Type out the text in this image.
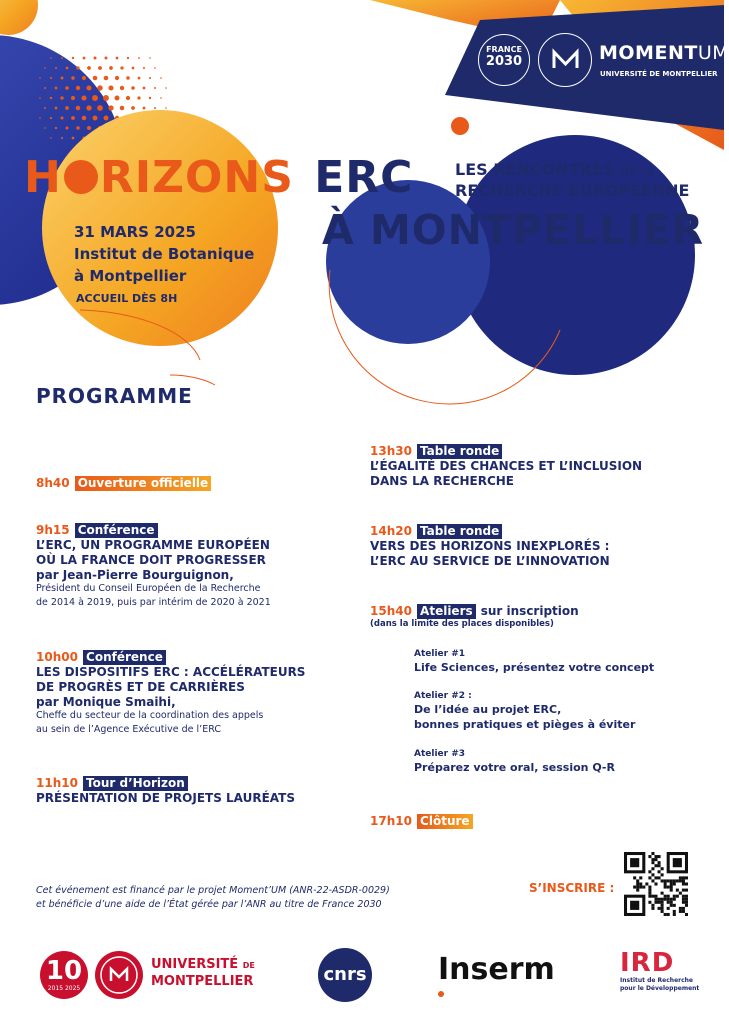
FRANCE
2030	MOMENTUM
UNIVERSITÉ DE MONTPELLIER
H RIZONS ERC
À MONTPELLIER
LES RENCONTRES de la
RECHERCHE EUROPÉENNE
31 MARS 2025
Institut de Botanique
à Montpellier
ACCUEIL DÈS 8H
PROGRAMME
8h40 Ouverture officielle
9h15 Conférence
L’ERC, UN PROGRAMME EUROPÉEN
OÙ LA FRANCE DOIT PROGRESSER
par Jean-Pierre Bourguignon,
Président du Conseil Européen de la Recherche
de 2014 à 2019, puis par intérim de 2020 à 2021
10h00 Conférence
LES DISPOSITIFS ERC : ACCÉLÉRATEURS
DE PROGRÈS ET DE CARRIÈRES
par Monique Smaihi,
Cheffe du secteur de la coordination des appels
au sein de l’Agence Exécutive de l’ERC
11h10 Tour d’Horizon
PRÉSENTATION DE PROJETS LAURÉATS
13h30 Table ronde
L’ÉGALITÉ DES CHANCES ET L’INCLUSION
DANS LA RECHERCHE
14h20 Table ronde
VERS DES HORIZONS INEXPLORÉS :
L’ERC AU SERVICE DE L’INNOVATION
15h40 Ateliers sur inscription
(dans la limite des places disponibles)
Atelier #1
Life Sciences, présentez votre concept
Atelier #2 :
De l’idée au projet ERC,
bonnes pratiques et pièges à éviter
Atelier #3
Préparez votre oral, session Q-R
17h10 Clôture
Cet événement est financé par le projet Moment’UM (ANR-22-ASDR-0029)
et bénéficie d’une aide de l’État gérée par l’ANR au titre de France 2030
S’INSCRIRE :
10
2015 2025
UNIVERSITÉ DE
MONTPELLIER	cnrs Inserm	IRD
Institut de Recherche
pour le Développement
